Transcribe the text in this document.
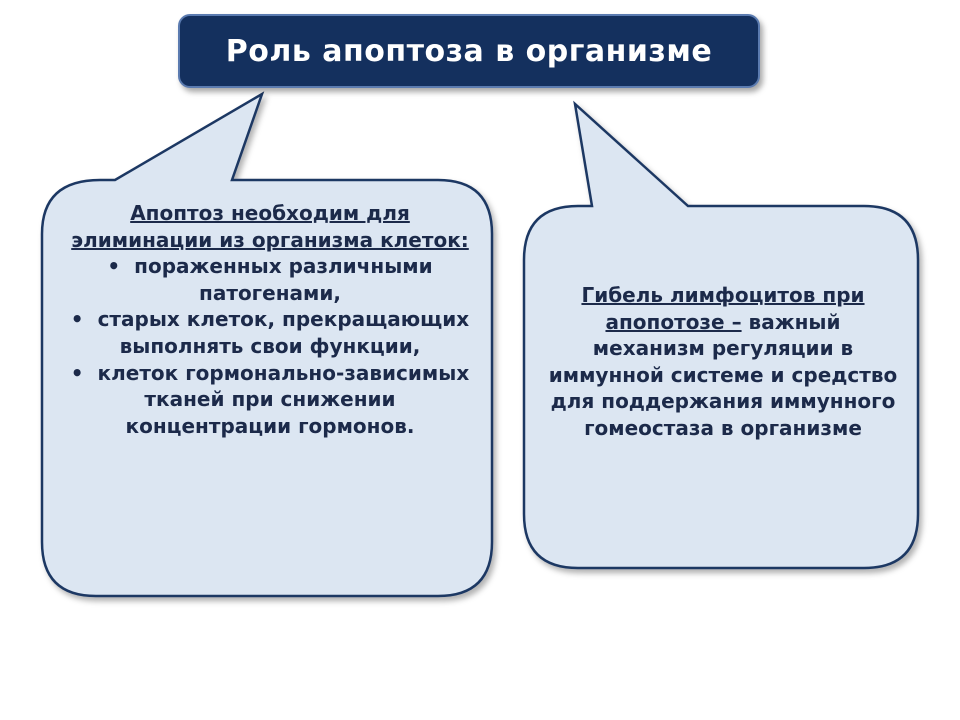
Роль апоптоза в организме
Апоптоз необходим для элиминации из организма клеток:
• пораженных различными патогенами,
• старых клеток, прекращающих выполнять свои функции,
• клеток гормонально-зависимых тканей при снижении концентрации гормонов.
Гибель лимфоцитов при апопотозе – важный механизм регуляции в иммунной системе и средство для поддержания иммунного гомеостаза в организме
